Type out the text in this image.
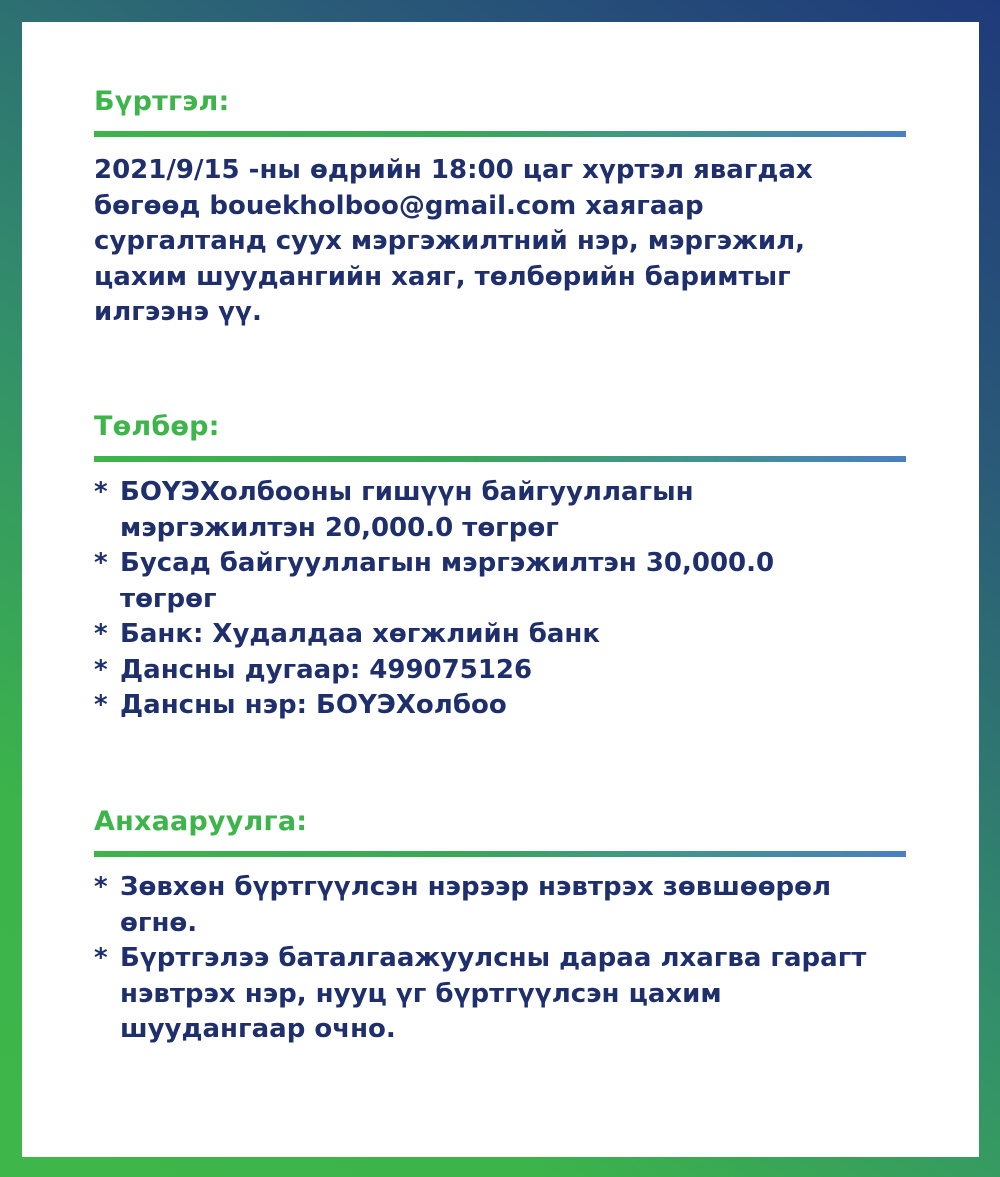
Бүртгэл:

2021/9/15 -ны өдрийн 18:00 цаг хүртэл явагдах
бөгөөд bouekholboo@gmail.com хаягаар
сургалтанд суух мэргэжилтний нэр, мэргэжил,
цахим шуудангийн хаяг, төлбөрийн баримтыг
илгээнэ үү.

Төлбөр:
* БОҮЭХолбооны гишүүн байгууллагын
мэргэжилтэн 20,000.0 төгрөг
* Бусад байгууллагын мэргэжилтэн 30,000.0
төгрөг
* Банк: Худалдаа хөгжлийн банк
* Дансны дугаар: 499075126
* Дансны нэр: БОҮЭХолбоо
Анхааруулга:
* Зөвхөн бүртгүүлсэн нэрээр нэвтрэх зөвшөөрөл
өгнө.
* Бүртгэлээ баталгаажуулсны дараа лхагва гарагт
нэвтрэх нэр, нууц үг бүртгүүлсэн цахим
шуудангаар очно.
